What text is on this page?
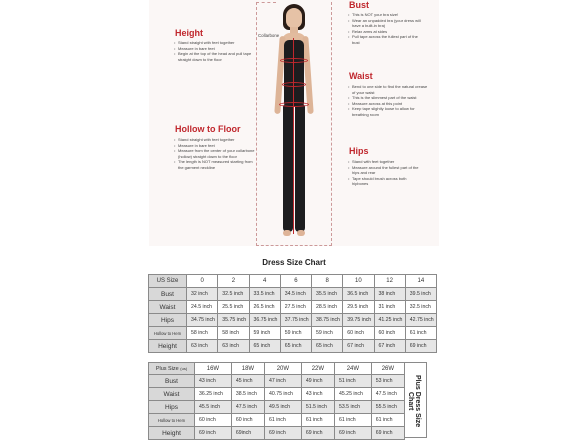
Bust
• This is NOT your bra size!
• Wear an unpadded bra (your dress will have a built-in bra)
• Relax arms at sides
• Pull tape across the fullest part of the bust
Waist
• Bend to one side to find the natural crease of your waist
• This is the slimmest part of the waist
• Measure across at this point
• Keep tape slightly loose to allow for breathing room
Hips
• Stand with feet together
• Measure around the fullest part of the hips and rear
• Tape should brush across both hipbones
Height
• Stand straight with feet together
• Measure in bare feet
• Begin at the top of the head and pull tape straight down to the floor
Hollow to Floor
• Stand straight with feet together
• Measure in bare feet
• Measure from the center of your collarbone (hollow) straight down to the floor
• The length is NOT measured starting from the garment neckline
Collarbone
Dress Size Chart
US Size	0	2	4	6	8	10	12	14
Bust	32 inch	32.5 inch	33.5 inch	34.5 inch	35.5 inch	36.5 inch	38 inch	39.5 inch
Waist	24.5 inch	25.5 inch	26.5 inch	27.5 inch	28.5 inch	29.5 inch	31 inch	32.5 inch
Hips	34.75 inch	35.75 inch	36.75 inch	37.75 inch	38.75 inch	39.75 inch	41.25 inch	42.75 inch
Hollow to Hem	58 inch	58 inch	59 inch	59 inch	59 inch	60 inch	60 inch	61 inch
Height	63 inch	63 inch	65 inch	65 inch	65 inch	67 inch	67 inch	69 inch
Plus Size (us)	16W	18W	20W	22W	24W	26W
Bust	43 inch	45 inch	47 inch	49 inch	51 inch	53 inch
Waist	36.25 inch	38.5 inch	40.75 inch	43 inch	45.25 inch	47.5 inch
Hips	45.5 inch	47.5 inch	49.5 inch	51.5 inch	53.5 inch	55.5 inch
Hollow to Hem	60 inch	60 inch	61 inch	61 inch	61 inch	61 inch
Height	69 inch	69inch	69 inch	69 inch	69 inch	69 inch
Plus Dress Size Chart
